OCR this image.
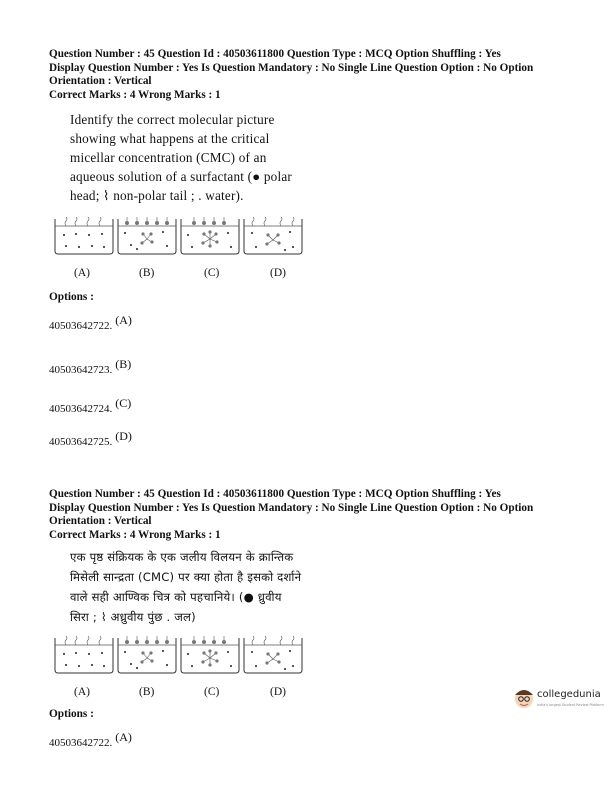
Question Number : 45 Question Id : 40503611800 Question Type : MCQ Option Shuffling : Yes
Display Question Number : Yes Is Question Mandatory : No Single Line Question Option : No Option
Orientation : Vertical
Correct Marks : 4 Wrong Marks : 1
Identify the correct molecular picture
showing what happens at the critical
micellar concentration (CMC) of an
aqueous solution of a surfactant (● polar
head; ⌇ non-polar tail ; . water).
(A)	(B)	(C)	(D)
Options :
40503642722. (A)
40503642723. (B)
40503642724. (C)
40503642725. (D)
Question Number : 45 Question Id : 40503611800 Question Type : MCQ Option Shuffling : Yes
Display Question Number : Yes Is Question Mandatory : No Single Line Question Option : No Option
Orientation : Vertical
Correct Marks : 4 Wrong Marks : 1
एक पृष्ठ संक्रियक के एक जलीय विलयन के क्रान्तिक
मिसेली सान्द्रता (CMC) पर क्या होता है इसको दर्शाने
वाले सही आण्विक चित्र को पहचानिये। (● ध्रुवीय
सिरा ; ⌇ अध्रुवीय पुंछ . जल)
(A)	(B)	(C)	(D)
Options :
40503642722. (A)
collegedunia
India's largest Student Review Platform
